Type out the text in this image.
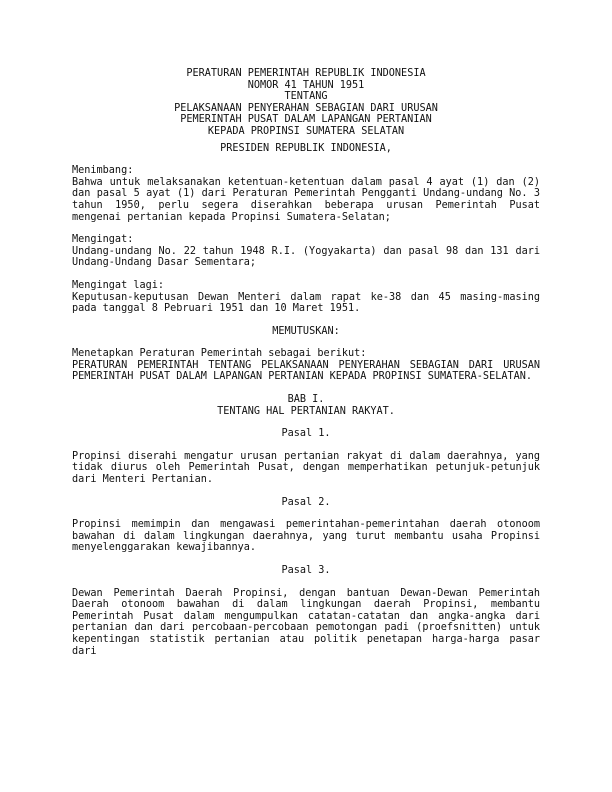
PERATURAN PEMERINTAH REPUBLIK INDONESIA

NOMOR 41 TAHUN 1951

TENTANG

PELAKSANAAN PENYERAHAN SEBAGIAN DARI URUSAN

PEMERINTAH PUSAT DALAM LAPANGAN PERTANIAN

KEPADA PROPINSI SUMATERA SELATAN

PRESIDEN REPUBLIK INDONESIA,

Menimbang:

Bahwa untuk melaksanakan ketentuan-ketentuan dalam pasal 4 ayat (1) dan (2) dan pasal 5 ayat (1) dari Peraturan Pemerintah Pengganti Undang-undang No. 3 tahun 1950, perlu segera diserahkan beberapa urusan Pemerintah Pusat mengenai pertanian kepada Propinsi Sumatera-Selatan;

Mengingat:

Undang-undang No. 22 tahun 1948 R.I. (Yogyakarta) dan pasal 98 dan 131 dari Undang-Undang Dasar Sementara;

Mengingat lagi:

Keputusan-keputusan Dewan Menteri dalam rapat ke-38 dan 45 masing-masing pada tanggal 8 Pebruari 1951 dan 10 Maret 1951.

MEMUTUSKAN:

Menetapkan Peraturan Pemerintah sebagai berikut:

PERATURAN PEMERINTAH TENTANG PELAKSANAAN PENYERAHAN SEBAGIAN DARI URUSAN PEMERINTAH PUSAT DALAM LAPANGAN PERTANIAN KEPADA PROPINSI SUMATERA-SELATAN.

BAB I.

TENTANG HAL PERTANIAN RAKYAT.

Pasal 1.

Propinsi diserahi mengatur urusan pertanian rakyat di dalam daerahnya, yang tidak diurus oleh Pemerintah Pusat, dengan memperhatikan petunjuk-petunjuk dari Menteri Pertanian.

Pasal 2.

Propinsi memimpin dan mengawasi pemerintahan-pemerintahan daerah otonoom bawahan di dalam lingkungan daerahnya, yang turut membantu usaha Propinsi menyelenggarakan kewajibannya.

Pasal 3.

Dewan Pemerintah Daerah Propinsi, dengan bantuan Dewan-Dewan Pemerintah Daerah otonoom bawahan di dalam lingkungan daerah Propinsi, membantu Pemerintah Pusat dalam mengumpulkan catatan-catatan dan angka-angka dari pertanian dan dari percobaan-percobaan pemotongan padi (proefsnitten) untuk kepentingan statistik pertanian atau politik penetapan harga-harga pasar dari
